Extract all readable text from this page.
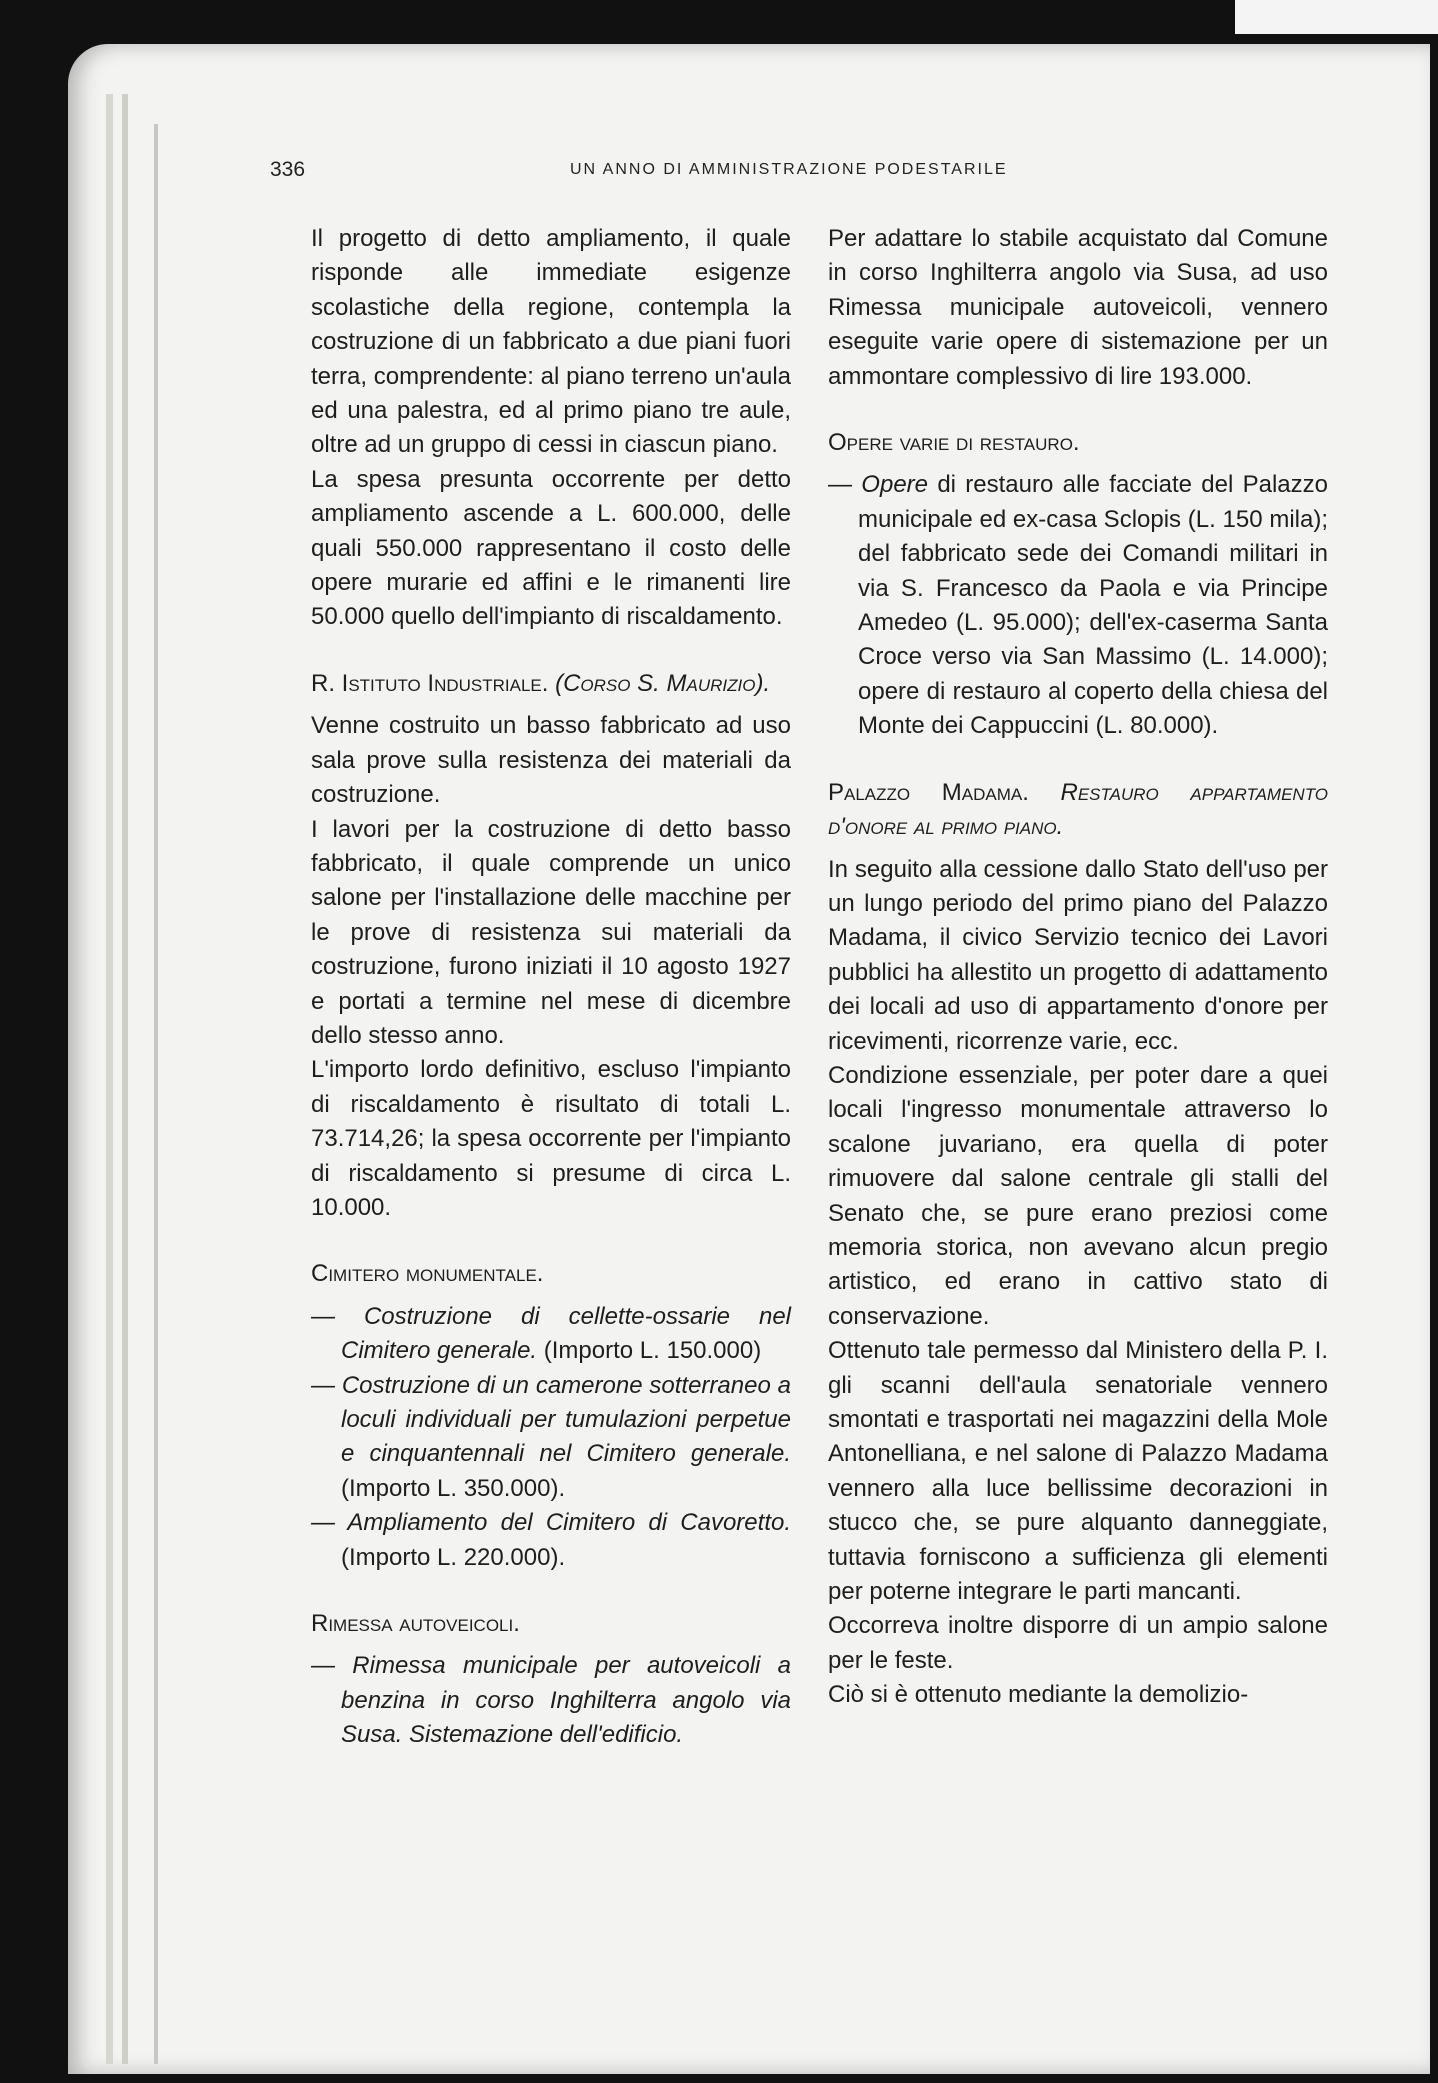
336	UN ANNO DI AMMINISTRAZIONE PODESTARILE

Il progetto di detto ampliamento, il quale risponde alle immediate esigenze scolastiche della regione, contempla la costruzione di un fabbricato a due piani fuori terra, comprendente: al piano terreno un'aula ed una palestra, ed al primo piano tre aule, oltre ad un gruppo di cessi in ciascun piano.

La spesa presunta occorrente per detto ampliamento ascende a L. 600.000, delle quali 550.000 rappresentano il costo delle opere murarie ed affini e le rimanenti lire 50.000 quello dell'impianto di riscaldamento.

R. Istituto Industriale. (Corso S. Maurizio).

Venne costruito un basso fabbricato ad uso sala prove sulla resistenza dei materiali da costruzione.

I lavori per la costruzione di detto basso fabbricato, il quale comprende un unico salone per l'installazione delle macchine per le prove di resistenza sui materiali da costruzione, furono iniziati il 10 agosto 1927 e portati a termine nel mese di dicembre dello stesso anno.

L'importo lordo definitivo, escluso l'impianto di riscaldamento è risultato di totali L. 73.714,26; la spesa occorrente per l'impianto di riscaldamento si presume di circa L. 10.000.

Cimitero monumentale.

— Costruzione di cellette-ossarie nel Cimitero generale. (Importo L. 150.000)

— Costruzione di un camerone sotterraneo a loculi individuali per tumulazioni perpetue e cinquantennali nel Cimitero generale. (Importo L. 350.000).

— Ampliamento del Cimitero di Cavoretto. (Importo L. 220.000).

Rimessa autoveicoli.

— Rimessa municipale per autoveicoli a benzina in corso Inghilterra angolo via Susa. Sistemazione dell'edificio.

Per adattare lo stabile acquistato dal Comune in corso Inghilterra angolo via Susa, ad uso Rimessa municipale autoveicoli, vennero eseguite varie opere di sistemazione per un ammontare complessivo di lire 193.000.

Opere varie di restauro.

— Opere di restauro alle facciate del Palazzo municipale ed ex-casa Sclopis (L. 150 mila); del fabbricato sede dei Comandi militari in via S. Francesco da Paola e via Principe Amedeo (L. 95.000); dell'ex-caserma Santa Croce verso via San Massimo (L. 14.000); opere di restauro al coperto della chiesa del Monte dei Cappuccini (L. 80.000).

Palazzo Madama. Restauro appartamento d'onore al primo piano.

In seguito alla cessione dallo Stato dell'uso per un lungo periodo del primo piano del Palazzo Madama, il civico Servizio tecnico dei Lavori pubblici ha allestito un progetto di adattamento dei locali ad uso di appartamento d'onore per ricevimenti, ricorrenze varie, ecc.

Condizione essenziale, per poter dare a quei locali l'ingresso monumentale attraverso lo scalone juvariano, era quella di poter rimuovere dal salone centrale gli stalli del Senato che, se pure erano preziosi come memoria storica, non avevano alcun pregio artistico, ed erano in cattivo stato di conservazione.

Ottenuto tale permesso dal Ministero della P. I. gli scanni dell'aula senatoriale vennero smontati e trasportati nei magazzini della Mole Antonelliana, e nel salone di Palazzo Madama vennero alla luce bellissime decorazioni in stucco che, se pure alquanto danneggiate, tuttavia forniscono a sufficienza gli elementi per poterne integrare le parti mancanti.

Occorreva inoltre disporre di un ampio salone per le feste.

Ciò si è ottenuto mediante la demolizio-
